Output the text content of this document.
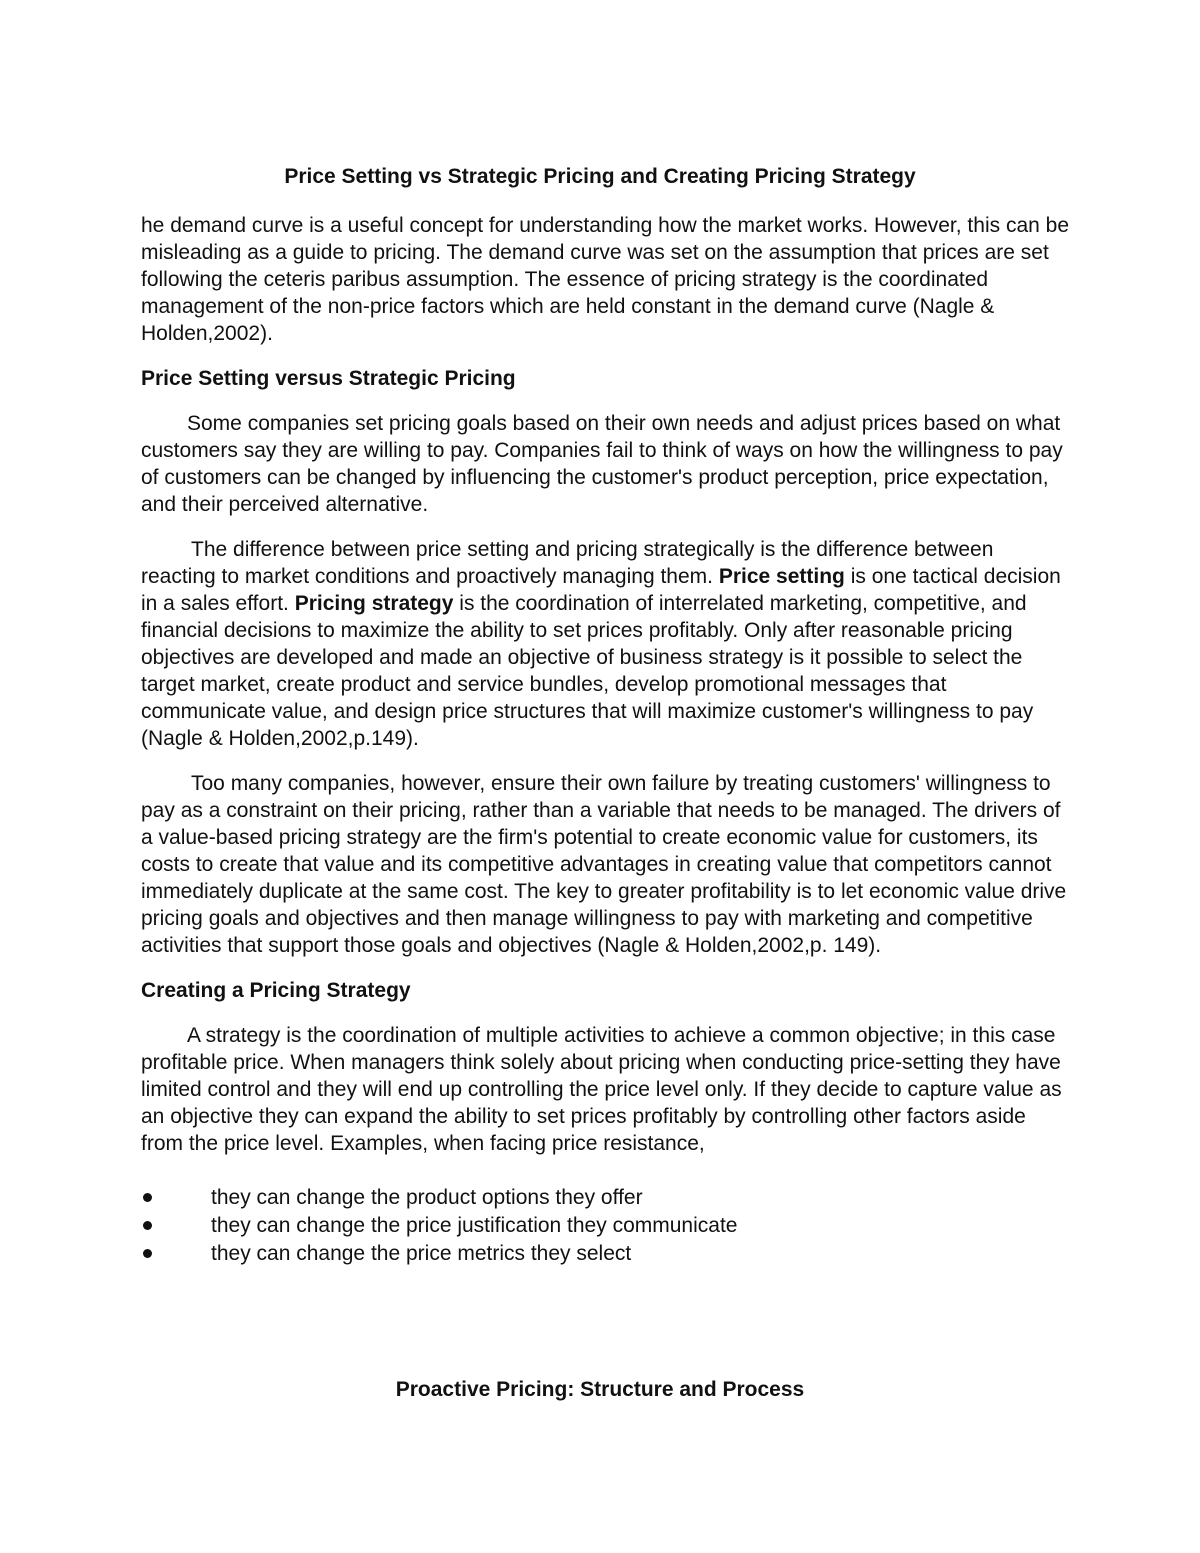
Price Setting vs Strategic Pricing and Creating Pricing Strategy

he demand curve is a useful concept for understanding how the market works. However, this can be misleading as a guide to pricing. The demand curve was set on the assumption that prices are set following the ceteris paribus assumption. The essence of pricing strategy is the coordinated management of the non-price factors which are held constant in the demand curve (Nagle & Holden,2002).

Price Setting versus Strategic Pricing

Some companies set pricing goals based on their own needs and adjust prices based on what customers say they are willing to pay. Companies fail to think of ways on how the willingness to pay of customers can be changed by influencing the customer's product perception, price expectation, and their perceived alternative.

The difference between price setting and pricing strategically is the difference between reacting to market conditions and proactively managing them. Price setting is one tactical decision in a sales effort. Pricing strategy is the coordination of interrelated marketing, competitive, and financial decisions to maximize the ability to set prices profitably. Only after reasonable pricing objectives are developed and made an objective of business strategy is it possible to select the target market, create product and service bundles, develop promotional messages that communicate value, and design price structures that will maximize customer's willingness to pay (Nagle & Holden,2002,p.149).

Too many companies, however, ensure their own failure by treating customers' willingness to pay as a constraint on their pricing, rather than a variable that needs to be managed. The drivers of a value-based pricing strategy are the firm's potential to create economic value for customers, its costs to create that value and its competitive advantages in creating value that competitors cannot immediately duplicate at the same cost. The key to greater profitability is to let economic value drive pricing goals and objectives and then manage willingness to pay with marketing and competitive activities that support those goals and objectives (Nagle & Holden,2002,p. 149).

Creating a Pricing Strategy

A strategy is the coordination of multiple activities to achieve a common objective; in this case profitable price. When managers think solely about pricing when conducting price-setting they have limited control and they will end up controlling the price level only. If they decide to capture value as an objective they can expand the ability to set prices profitably by controlling other factors aside from the price level. Examples, when facing price resistance,

they can change the product options they offer
they can change the price justification they communicate
they can change the price metrics they select
Proactive Pricing: Structure and Process
